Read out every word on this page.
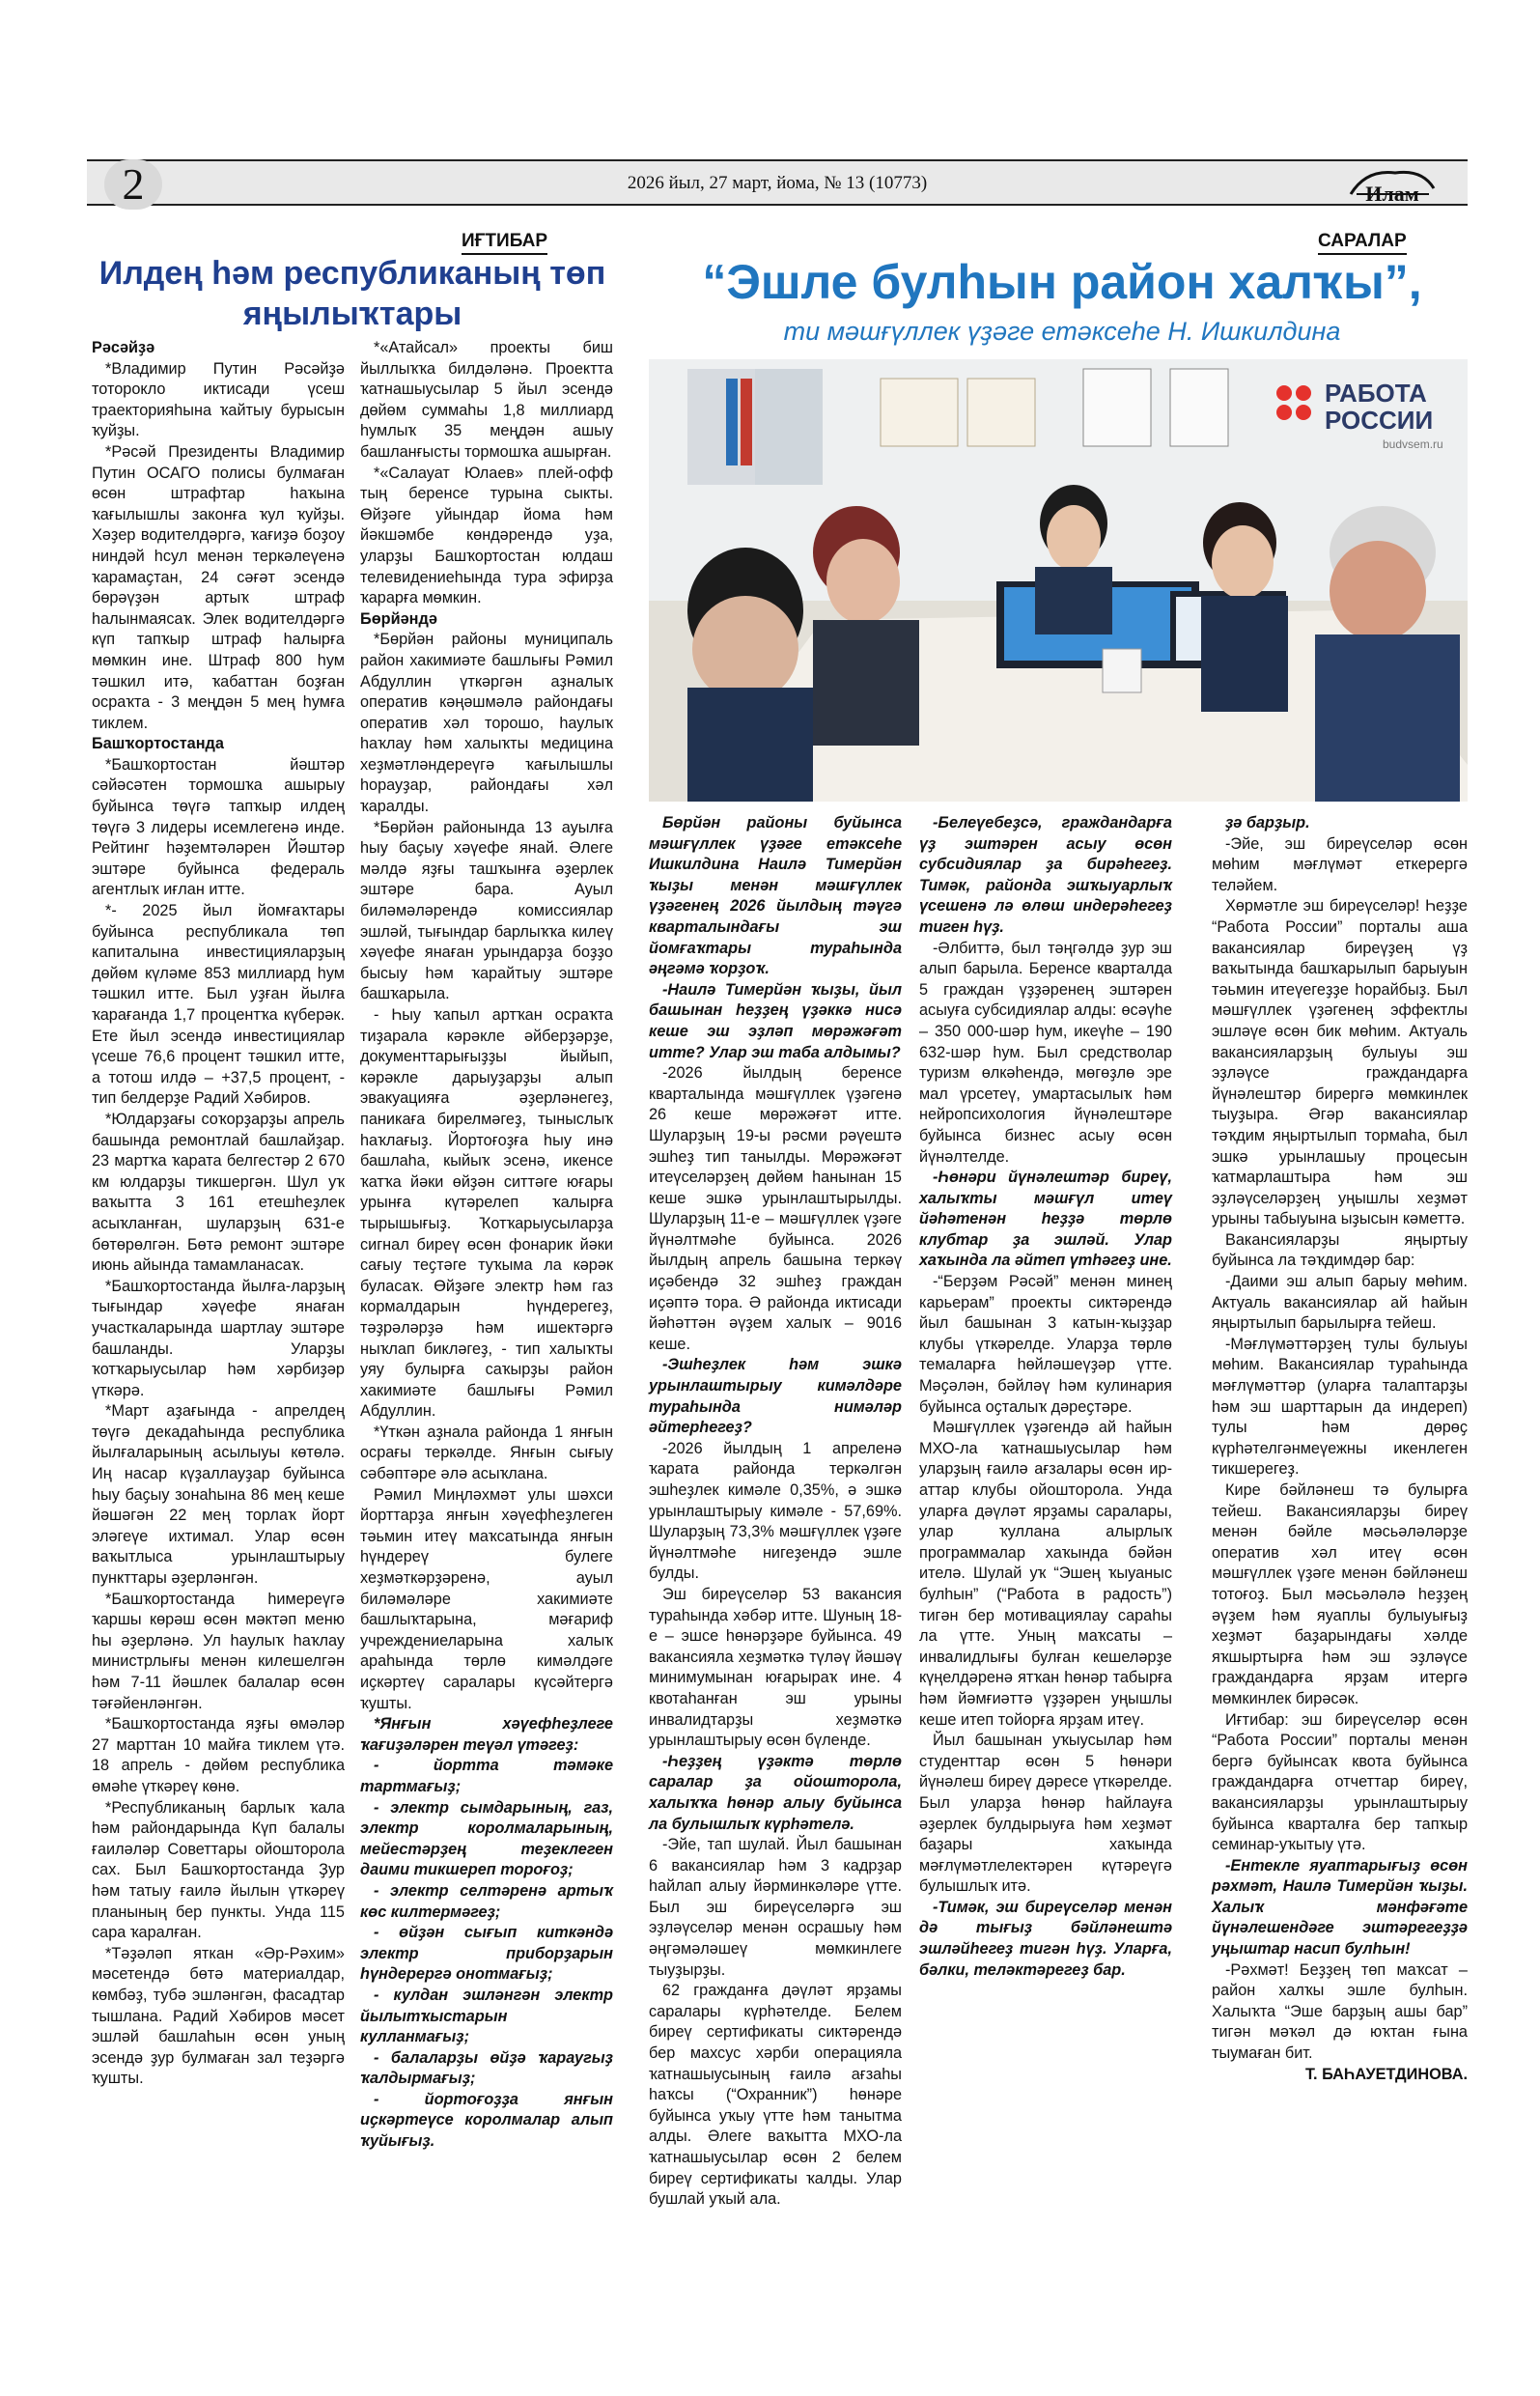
2	2026 йыл, 27 март, йома, № 13 (10773)	Илам
ИҒТИБАР
Илдең һәм республиканың төп яңылыҡтары

Рәсәйҙә

*Владимир Путин Рәсәйҙә тоторокло иктисади үсеш траекторияһына ҡайтыу бурысын ҡуйҙы.

*Рәсәй Президенты Владимир Путин ОСАГО полисы булмаған өсөн штрафтар һаҡына ҡағылышлы законға ҡул ҡуйҙы. Хәҙер водителдәргә, ҡағиҙә боҙоу ниндәй һсул менән теркәлеүенә ҡарамаҫтан, 24 сәғәт эсендә бөрәүҙән артыҡ штраф һалынмаясаҡ. Элек водителдәргә күп тапҡыр штраф һалырға мөмкин ине. Штраф 800 һум тәшкил итә, ҡабаттан боҙған осраҡта - 3 меңдән 5 мең һумға тиклем.

Башҡортостанда

*Башҡортостан йәштәр сәйәсәтен тормошҡа ашырыу буйынса төүгә тапҡыр илдең төүгә 3 лидеры исемлегенә инде. Рейтинг һәҙемтәләрен Йәштәр эштәре буйынса федераль агентлыҡ иғлан итте.

*- 2025 йыл йомғаҡтары буйынса республикала төп капиталына инвестицияларҙың дөйөм күләме 853 миллиард һум тәшкил итте. Был уҙған йылға ҡарағанда 1,7 процентҡа күберәк. Ете йыл эсендә инвестициялар үсеше 76,6 процент тәшкил итте, а тотош илдә – +37,5 процент, - тип белдерҙе Радий Хәбиров.

*Юлдарҙағы соҡорҙарҙы апрель башында ремонтлай башлайҙар. 23 мартҡа ҡарата белгестәр 2 670 км юлдарҙы тикшергән. Шул уҡ ваҡытта 3 161 етешһеҙлек асыҡланған, шуларҙың 631-е бөтөрөлгән. Бөтә ремонт эштәре июнь айында тамамланасаҡ.

*Башҡортостанда йылға-ларҙың тығындар хәүефе янаған участкаларында шартлау эштәре башланды. Уларҙы ҡотҡарыусылар һәм хәрбиҙәр үткәрә.

*Март аҙағында - апрелдең төүгә декадаһында республика йылғаларының асылыуы көтөлә. Иң насар күҙаллауҙар буйынса һыу баҫыу зонаһына 86 мең кеше йәшәгән 22 мең торлаҡ йорт эләгеүе ихтимал. Улар өсөн ваҡытлыса урынлаштырыу пункттары әҙерләнгән.

*Башҡортостанда һимереүгә ҡаршы көрәш өсөн мәктәп меню һы әҙерләнә. Ул һаулыҡ һаҡлау министрлығы менән килешелгән һәм 7-11 йәшлек балалар өсөн тәғәйенләнгән.

*Башҡортостанда яҙғы өмәләр 27 марттан 10 майға тиклем үтә. 18 апрель - дөйөм республика өмәһе үткәреү көнө.

*Республиканың барлыҡ ҡала һәм райондарында Күп балалы ғаиләләр Советтары ойошторола сах. Был Башҡортостанда Ҙур һәм татыу ғаилә йылын үткәреү планының бер пункты. Унда 115 сара ҡаралған.

*Тәҙәләп яткан «Әр-Рәхим» мәсетендә бөтә материалдар, көмбәҙ, тубә эшләнгән, фасадтар тышлана. Радий Хәбиров мәсет эшләй башлаһын өсөн уның эсендә ҙур булмаған зал теҙәргә ҡушты.

*«Атайсал» проекты биш йыллыҡҡа билдәләнә. Проектта ҡатнашыусылар 5 йыл эсендә дөйөм суммаһы 1,8 миллиард һумлыҡ 35 меңдән ашыу башланғысты тормошҡа ашырған.

*«Салауат Юлаев» плей-офф тың беренсе турына сыкты. Өйҙәге уйындар йома һәм йәкшәмбе көндәрендә уҙа, уларҙы Башҡортостан юлдаш телевидениеһында тура эфирҙа ҡарарға мөмкин.

Бөрйәндә

*Бөрйән районы муниципаль район хакимиәте башлығы Рәмил Абдуллин үткәргән аҙналыҡ оператив кәңәшмәлә райондағы оператив хәл торошо, һаулыҡ һаҡлау һәм халыҡты медицина хеҙмәтләндереүгә ҡағылышлы һорауҙар, райондағы хәл ҡаралды.

*Бөрйән районында 13 ауылға һыу баҫыу хәүефе янай. Әлеге мәлдә яҙғы ташҡынға әҙерлек эштәре бара. Ауыл биләмәләрендә комиссиялар эшләй, тығындар барлыҡҡа килеү хәүефе янаған урындарҙа боҙҙо бысыу һәм ҡарайтыу эштәре башҡарыла.

- Һыу ҡапыл артҡан осраҡта тиҙарала кәрәкле әйберҙәрҙе, документтарығыҙҙы йыйып, кәрәкле дарыуҙарҙы алып эвакуацияға әҙерләнегеҙ, паникаға бирелмәгеҙ, тыныслыҡ һаҡлағыҙ. Йортоғоҙға һыу инә башлаһа, кыйыҡ эсенә, икенсе ҡатҡа йәки өйҙән ситтәге юғары урынға күтәрелеп ҡалырға тырышығыҙ. Ҡотҡарыусыларҙа сигнал биреү өсөн фонарик йәки сағыу теҫтәге туҡыма ла кәрәк буласаҡ. Өйҙәге электр һәм газ кормалдарын һүндерегеҙ, тәҙрәләрҙә һәм ишектәргә ныҡлап бикләгеҙ, - тип халыҡты уяу булырға саҡырҙы район хакимиәте башлығы Рәмил Абдуллин.

*Үткән аҙнала районда 1 янғын осрағы теркәлде. Янғын сығыу сәбәптәре әлә асыҡлана.

Рәмил Миңләхмәт улы шәхси йорттарҙа янғын хәүефһеҙлеген тәьмин итеү маҡсатында янғын һүндереү булеге хеҙмәткәрҙәренә, ауыл биләмәләре хакимиәте башлыҡтарына, мәғариф учреждениеларына халыҡ араһында төрлө кимәлдәге иҫкәртеү саралары күсәйтергә ҡушты.

*Янғын хәүефһеҙлеге ҡағиҙәләрен теүәл үтәгеҙ:

- йортта тәмәке тартмағыҙ;

- электр сымдарының, газ, электр королмаларының, мейестәрҙең теҙеклеген даими тикшереп тороғоҙ;

- электр селтәренә артыҡ көс килтермәгеҙ;

- өйҙән сығып киткәндә электр приборҙарын һүндерергә онотмағыҙ;

- кулдан эшләнгән электр йылытҡыстарын кулланмағыҙ;

- балаларҙы өйҙә ҡараугыҙ ҡалдырмағыҙ;

- йортоғоҙҙа янғын иҫкәртеүсе королмалар алып ҡуйығыҙ.

САРАЛАР
“Эшле булһын район халҡы”,
ти мәшғүллек үҙәге етәксеһе Н. Ишкилдина
РАБОТА
РОССИИ
budvsem.ru

Бөрйән районы буйынса мәшғүллек үҙәге етәксеһе Ишкилдина Наилә Тимерйән ҡыҙы менән мәшғүллек үҙәгенең 2026 йылдың тәүгә кварталындағы эш йомғаҡтары тураһында әңгәмә ҡорҙоҡ.

-Наилә Тимерйән ҡыҙы, йыл башынан һеҙҙең үҙәккә нисә кеше эш эҙләп мөрәжәғәт итте? Улар эш таба алдымы?

-2026 йылдың беренсе кварталында мәшғүллек үҙәгенә 26 кеше мөрәжәғәт итте. Шуларҙың 19-ы рәсми рәүештә эшһеҙ тип танылды. Мөрәжәғәт итеүселәрҙең дөйөм һанынан 15 кеше эшкә урынлаштырылды. Шуларҙың 11-е – мәшғүллек үҙәге йүнәлтмәһе буйынса. 2026 йылдың апрель башына теркәү иҫәбендә 32 эшһеҙ граждан иҫәптә тора. Ә районда иктисади йәһәттән әүҙем халыҡ – 9016 кеше.

-Эшһеҙлек һәм эшкә урынлаштырыу кимәлдәре тураһында нимәләр әйтерһегеҙ?

-2026 йылдың 1 апреленә ҡарата районда теркәлгән эшһеҙлек кимәле 0,35%, ә эшкә урынлаштырыу кимәле - 57,69%. Шуларҙың 73,3% мәшғүллек үҙәге йүнәлтмәһе нигеҙендә эшле булды.

Эш биреүселәр 53 вакансия тураһында хәбәр итте. Шуның 18-е – эшсе һөнәрҙәре буйынса. 49 вакансияла хеҙмәткә түләү йәшәү минимумынан юғарыраҡ ине. 4 квотаһанған эш урыны инвалидтарҙы хеҙмәткә урынлаштырыу өсөн бүленде.

-Һеҙҙең үҙәктә төрлө саралар ҙа ойошторола, халыҡҡа һөнәр алыу буйынса ла булышлыҡ күрһәтелә.

-Эйе, тап шулай. Йыл башынан 6 вакансиялар һәм 3 кадрҙар һайлап алыу йәрминкәләре үтте. Был эш биреүселәргә эш эҙләүселәр менән осрашыу һәм әңгәмәләшеү мөмкинлеге тыуҙырҙы.

62 гражданға дәүләт ярҙамы саралары күрһәтелде. Белем биреү сертификаты сиктәрендә бер махсус хәрби операцияла ҡатнашыусының ғаилә ағзаһы һаҡсы (“Охранник”) һөнәре буйынса уҡыу үтте һәм танытма алды. Әлеге ваҡытта МХО-ла ҡатнашыусылар өсөн 2 белем биреү сертификаты ҡалды. Улар бушлай уҡый ала.

-Белеүебеҙсә, граждандарға үҙ эштәрен асыу өсөн субсидиялар ҙа бирәһегеҙ. Тимәк, районда эшҡыуарлыҡ үсешенә лә өлөш индерәһегеҙ тиген һүҙ.

-Әлбиттә, был тәңгәлдә ҙур эш алып барыла. Беренсе кварталда 5 граждан үҙҙәренең эштәрен асыуға субсидиялар алды: өсәүһе – 350 000-шәр һум, икеүһе – 190 632-шәр һум. Был средстволар туризм өлкәһендә, мөгөҙлө эре мал үрсетеү, умартасылыҡ һәм нейропсихология йүнәлештәре буйынса бизнес асыу өсөн йүнәлтелде.

-Һөнәри йүнәлештәр биреү, халыҡты мәшғүл итеү йәһәтенән һеҙҙә төрлө клубтар ҙа эшләй. Улар хаҡында ла әйтеп үтһәгеҙ ине.

-“Берҙәм Рәсәй” менән минең карьерам” проекты сиктәрендә йыл башынан 3 катын-ҡыҙҙар клубы үткәрелде. Уларҙа төрлө темаларға һөйләшеүҙәр үтте. Мәҫәлән, бәйләү һәм кулинария буйынса оҫталыҡ дәреҫтәре.

Мәшғүллек үҙәгендә ай һайын МХО-ла ҡатнашыусылар һәм уларҙың ғаилә ағзалары өсөн ир-аттар клубы ойошторола. Унда уларға дәүләт ярҙамы саралары, улар ҡуллана алырлыҡ программалар хаҡында бәйән ителә. Шулай уҡ “Эшең ҡыуаныс булһын” (“Работа в радость”) тигән бер мотивациялау сараһы ла үтте. Уның маҡсаты – инвалидлығы булған кешеләрҙе күңелдәренә ятҡан һөнәр табырға һәм йәмғиәттә үҙҙәрен уңышлы кеше итеп тойорға ярҙам итеү.

Йыл башынан уҡыусылар һәм студенттар өсөн 5 һөнәри йүнәлеш биреү дәресе үткәрелде. Был уларҙа һөнәр һайлауға әҙерлек булдырыуға һәм хеҙмәт баҙары хаҡында мәғлүмәтлелектәрен күтәреүгә булышлыҡ итә.

-Тимәк, эш биреүселәр менән дә тығыҙ бәйләнештә эшләйһегеҙ тигән һүҙ. Уларға, бәлки, теләктәрегеҙ бар.

ҙә барҙыр.

-Эйе, эш биреүселәр өсөн мөһим мәғлүмәт еткерергә теләйем.

Хөрмәтле эш биреүселәр! Һеҙҙе “Работа России” порталы аша вакансиялар биреүҙең үҙ ваҡытында башҡарылып барыуын тәьмин итеүегеҙҙе һорайбыҙ. Был мәшғүллек үҙәгенең эффектлы эшләүе өсөн бик мөһим. Актуаль вакансияларҙың булыуы эш эҙләүсе граждандарға йүнәлештәр бирергә мөмкинлек тыуҙыра. Әгәр вакансиялар тәҡдим яңыртылып тормаһа, был эшкә урынлашыу процесын ҡатмарлаштыра һәм эш эҙләүселәрҙең уңышлы хеҙмәт урыны табыуына ыҙысын кәметтә.

Вакансияларҙы яңыртыу буйынса ла тәҡдимдәр бар:

-Даими эш алып барыу мөһим. Актуаль вакансиялар ай һайын яңыртылып барылырға тейеш.

-Мәғлүмәттәрҙең тулы булыуы мөһим. Вакансиялар тураһында мәғлүмәттәр (уларға талаптарҙы һәм эш шарттарын да индереп) тулы һәм дөрөҫ күрһәтелгәнмеүежны икенлеген тикшерегеҙ.

Кире бәйләнеш тә булырға тейеш. Вакансияларҙы биреү менән бәйле мәсьәләләрҙе оператив хәл итеү өсөн мәшғүллек үҙәге менән бәйләнеш тотоғоҙ. Был мәсьәләлә һеҙҙең әүҙем һәм яуаплы булыуығыҙ хеҙмәт баҙарындағы хәлде яҡшыртырға һәм эш эҙләүсе граждандарға ярҙам итергә мөмкинлек бирәсәк.

Иғтибар: эш биреүселәр өсөн “Работа России” порталы менән бергә буйынсаҡ квота буйынса граждандарға отчеттар биреү, вакансияларҙы урынлаштырыу буйынса кварталға бер тапҡыр семинар-уҡытыу үтә.

-Ентекле яуаптарығыҙ өсөн рәхмәт, Наилә Тимерйән ҡыҙы. Халыҡ мәнфәғәте йүнәлешендәге эштәрегеҙҙә уңыштар насип булһын!

-Рәхмәт! Беҙҙең төп маҡсат – район халҡы эшле булһын. Халыҡта “Эше барҙың ашы бар” тигән мәҡәл дә юҡтан ғына тыумаған бит.

Т. БАҺАУЕТДИНОВА.
